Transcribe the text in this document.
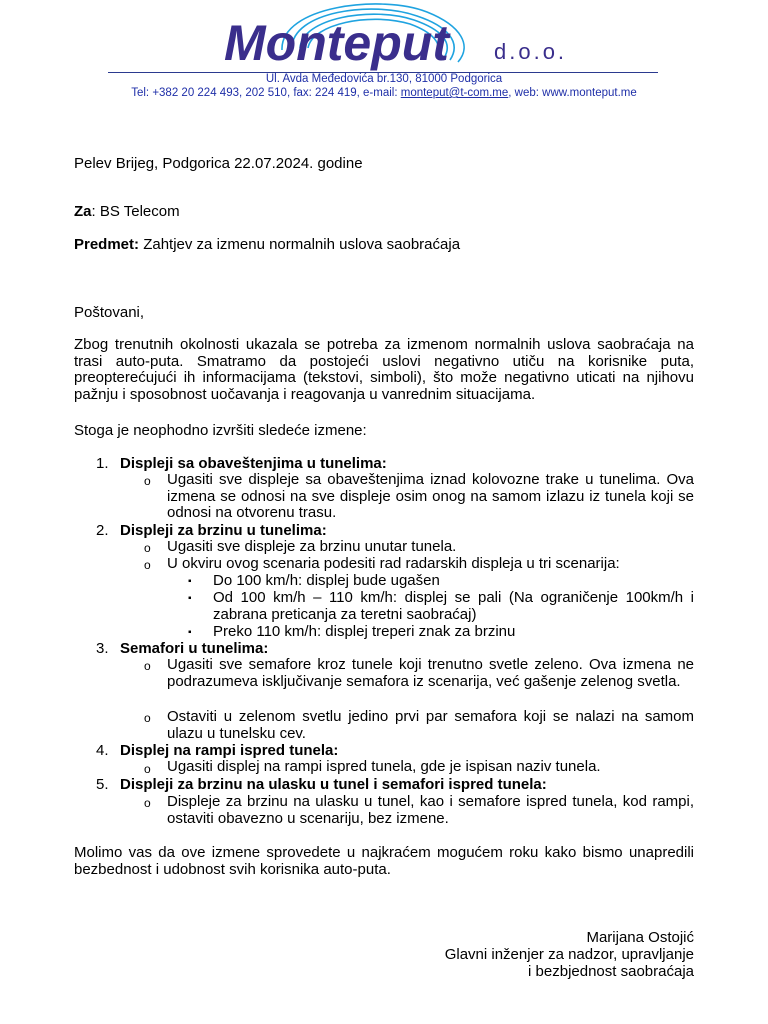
Monteput d.o.o.
Ul. Avda Međedovića br.130, 81000 Podgorica
Tel: +382 20 224 493, 202 510, fax: 224 419, e-mail: monteput@t-com.me, web: www.monteput.me
Pelev Brijeg, Podgorica 22.07.2024. godine
Za: BS Telecom
Predmet: Zahtjev za izmenu normalnih uslova saobraćaja
Poštovani,

Zbog trenutnih okolnosti ukazala se potreba za izmenom normalnih uslova saobraćaja na trasi auto-puta. Smatramo da postojeći uslovi negativno utiču na korisnike puta, preopterećujući ih informacijama (tekstovi, simboli), što može negativno uticati na njihovu pažnju i sposobnost uočavanja i reagovanja u vanrednim situacijama.

Stoga je neophodno izvršiti sledeće izmene:
1. Displeji sa obaveštenjima u tunelima:
o Ugasiti sve displeje sa obaveštenjima iznad kolovozne trake u tunelima. Ova izmena se odnosi na sve displeje osim onog na samom izlazu iz tunela koji se odnosi na otvorenu trasu.

2. Displeji za brzinu u tunelima:
o Ugasiti sve displeje za brzinu unutar tunela.

o U okviru ovog scenaria podesiti rad radarskih displeja u tri scenarija:

▪ Do 100 km/h: displej bude ugašen

▪ Od 100 km/h – 110 km/h: displej se pali (Na ograničenje 100km/h i zabrana preticanja za teretni saobraćaj)

▪ Preko 110 km/h: displej treperi znak za brzinu

3. Semafori u tunelima:
o Ugasiti sve semafore kroz tunele koji trenutno svetle zeleno. Ova izmena ne podrazumeva isključivanje semafora iz scenarija, već gašenje zelenog svetla.

o Ostaviti u zelenom svetlu jedino prvi par semafora koji se nalazi na samom ulazu u tunelsku cev.

4. Displej na rampi ispred tunela:
o Ugasiti displej na rampi ispred tunela, gde je ispisan naziv tunela.

5. Displeji za brzinu na ulasku u tunel i semafori ispred tunela:
o Displeje za brzinu na ulasku u tunel, kao i semafore ispred tunela, kod rampi, ostaviti obavezno u scenariju, bez izmene.

Molimo vas da ove izmene sprovedete u najkraćem mogućem roku kako bismo unapredili bezbednost i udobnost svih korisnika auto-puta.

Marijana Ostojić
Glavni inženjer za nadzor, upravljanje
i bezbjednost saobraćaja
